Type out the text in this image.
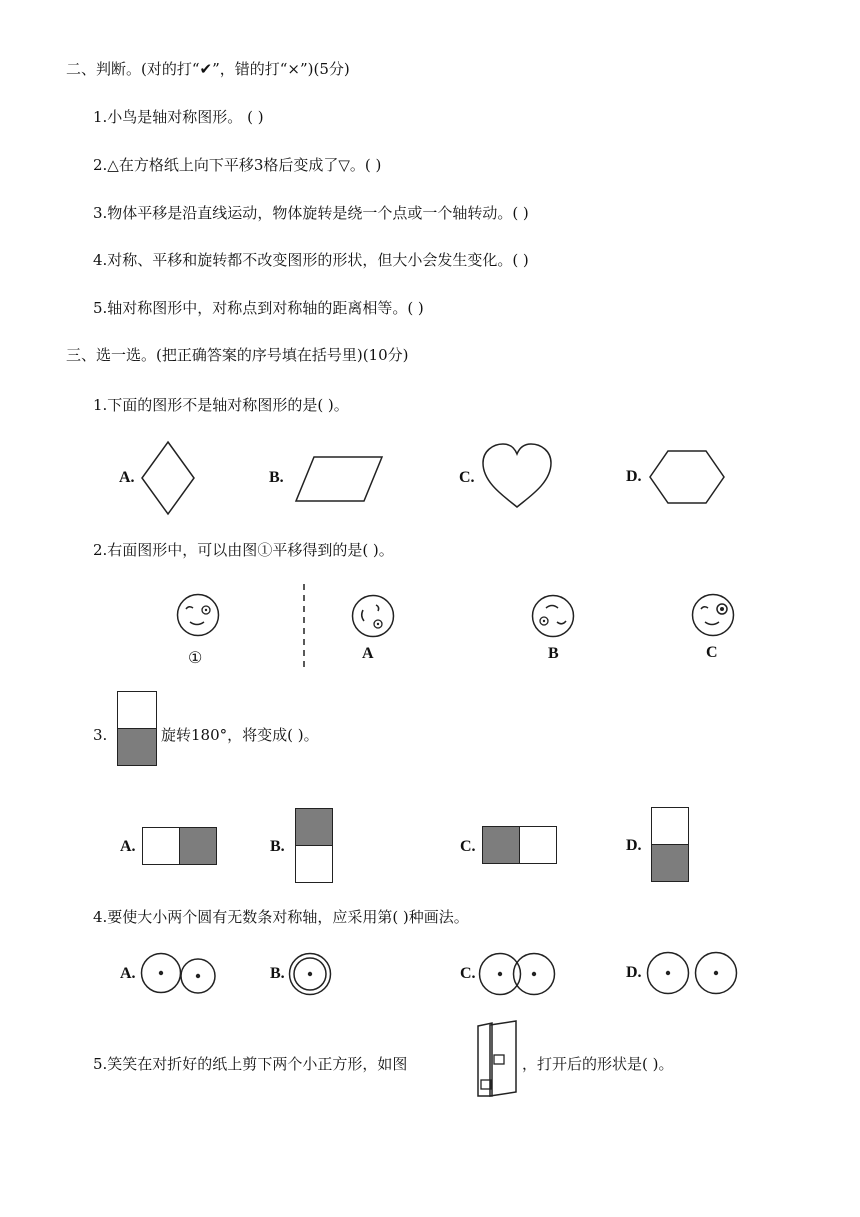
二、判断。(对的打“✔”，错的打“×”)(5分)
1.小鸟是轴对称图形。 ( )
2.△在方格纸上向下平移3格后变成了▽。( )
3.物体平移是沿直线运动，物体旋转是绕一个点或一个轴转动。( )
4.对称、平移和旋转都不改变图形的形状，但大小会发生变化。( )
5.轴对称图形中，对称点到对称轴的距离相等。( )
三、选一选。(把正确答案的序号填在括号里)(10分)
1.下面的图形不是轴对称图形的是( )。
A.	B.	C.	D.
2.右面图形中，可以由图①平移得到的是( )。
①	A	B	C
3.	旋转180°，将变成( )。
A.	B.	C.	D.
4.要使大小两个圆有无数条对称轴，应采用第( )种画法。
A.	B.	C.	D.
5.笑笑在对折好的纸上剪下两个小正方形，如图	，打开后的形状是( )。
